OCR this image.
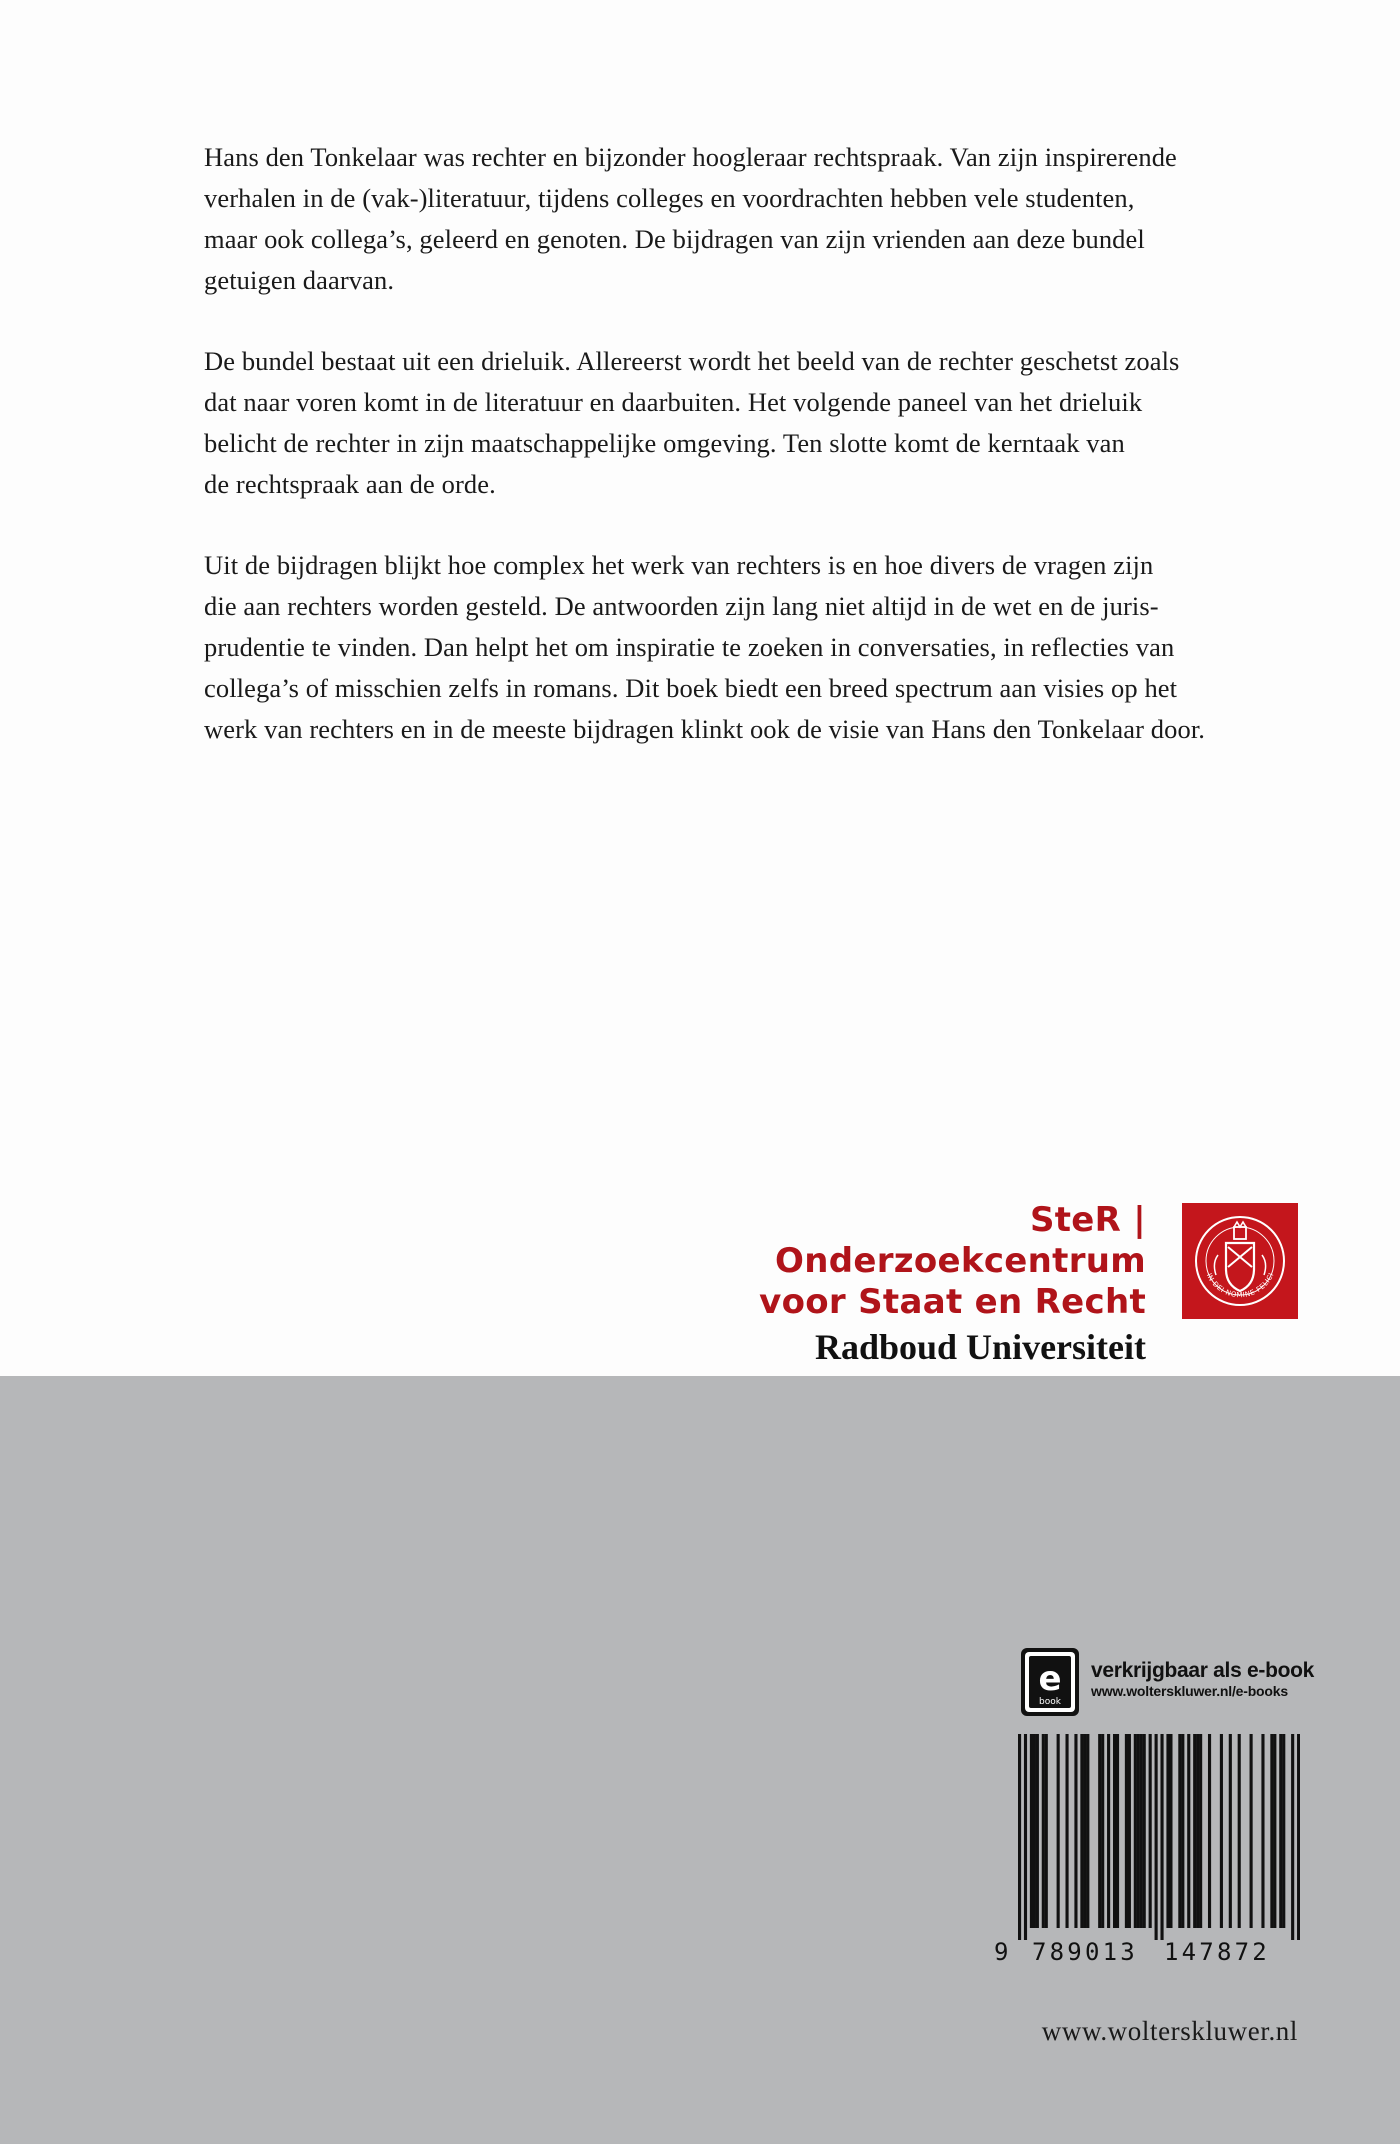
Hans den Tonkelaar was rechter en bijzonder hoogleraar rechtspraak. Van zijn inspirerende
verhalen in de (vak-)literatuur, tijdens colleges en voordrachten hebben vele studenten,
maar ook collega’s, geleerd en genoten. De bijdragen van zijn vrienden aan deze bundel
getuigen daarvan.

De bundel bestaat uit een drieluik. Allereerst wordt het beeld van de rechter geschetst zoals
dat naar voren komt in de literatuur en daarbuiten. Het volgende paneel van het drieluik
belicht de rechter in zijn maatschappelijke omgeving. Ten slotte komt de kerntaak van
de rechtspraak aan de orde.

Uit de bijdragen blijkt hoe complex het werk van rechters is en hoe divers de vragen zijn
die aan rechters worden gesteld. De antwoorden zijn lang niet altijd in de wet en de juris-
prudentie te vinden. Dan helpt het om inspiratie te zoeken in conversaties, in reflecties van
collega’s of misschien zelfs in romans. Dit boek biedt een breed spectrum aan visies op het
werk van rechters en in de meeste bijdragen klinkt ook de visie van Hans den Tonkelaar door.

SteR | Onderzoekcentrum
voor Staat en Recht
Radboud Universiteit
IN DEI NOMINE FELICI
e
book
verkrijgbaar als e-book
www.wolterskluwer.nl/e-books
9 789013 147872
www.wolterskluwer.nl
